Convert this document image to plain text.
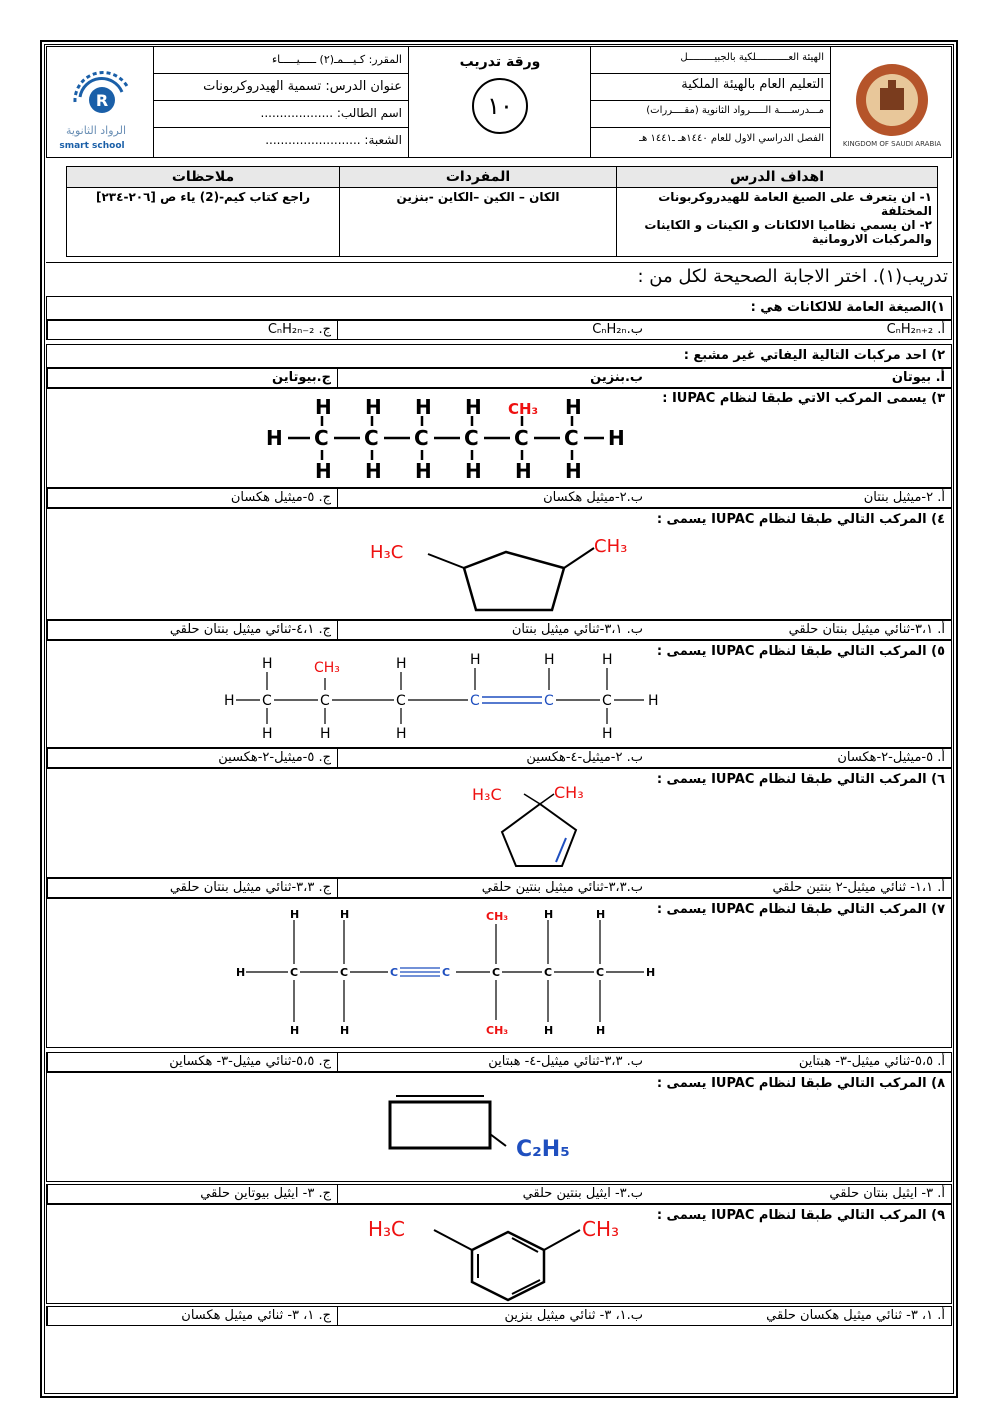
الهيئة العـــــــــــلكية بالجبيـــــــــل
التعليم العام بالهيئة الملكية
مـــدرســــة الـــــرواد الثانوية (مقــــررات)
الفصل الدراسي الاول للعام ١٤٤٠هـ ـ١٤٤١ هـ	KINGDOM OF SAUDI ARABIA
ورقة تدريب
١٠
المقرر: كـيـــمـ(٢) ـــــيـــــاء
عنوان الدرس: تسمية الهيدروكربونات
اسم الطالب: ...................
الشعبة: .........................
R
الرواد الثانوية
smart school
اهداف الدرس	المفردات	ملاحظات

١- ان يتعرف على الصيغ العامة للهيدروكربونات المختلفة
٢- ان يسمي نظاميا الالكانات و الكينات و الكاينات والمركبات الارومانية	الكان – الكين –الكاين -بنزين	راجع كتاب كيم-(2) ياء ص [٢٠٦-٢٣٤]
تدريب(١). اختر الاجابة الصحيحة لكل من :
١)الصيغة العامة للالكانات هي :
أ. CₙH₂ₙ₊₂
ب.CₙH₂ₙ
ج. CₙH₂ₙ₋₂
٢) احد مركبات التالية اليفاتي غير مشبع :
أ. بيوتان
ب.بنزين
ج.بيوتاين
٣) يسمى المركب الاتي طبقا لنظام IUPAC :
H C C C C C C H
H
H
H
H
H
H
H
H H
H
H
CH₃
أ. ٢-ميثيل بنتان
ب.٢-ميثيل هكسان
ج. ٥-ميثيل هكسان
٤) المركب التالي طبقا لنظام IUPAC يسمى :
H₃C	CH₃
أ. ٣،١-ثنائي ميثيل بنتان حلقي
ب. ٣،١-ثنائي ميثيل بنتان
ج. ٤،١-ثنائي ميثيل بنتان حلقي
٥) المركب التالي طبقا لنظام IUPAC يسمى :
H C	C	C	C	H
H
H	H
H
H
H	H	H
H
C	C
CH₃
أ. ٥-ميثيل-٢-هكسان
ب. ٢-ميثيل-٤-هكسين
ج. ٥-ميثيل-٢-هكسين
٦) المركب التالي طبقا لنظام IUPAC يسمى :
H₃C	CH₃
أ. ١،١- ثنائي ميثيل-٢ بنتين حلقي
ب.٣،٣-ثنائي ميثيل بنتين حلقي
ج. ٣،٣-ثنائي ميثيل بنتان حلقي
٧) المركب التالي طبقا لنظام IUPAC يسمى :
H	C	C	C	C	C	H
H
H
H
H
H
H
H
H
C	C
CH₃
CH₃
أ. ٥،٥-ثنائي ميثيل-٣- هبتاين
ب. ٣،٣-ثنائي ميثيل-٤- هبتاين
ج. ٥،٥-ثنائي ميثيل-٣- هكساين
٨) المركب التالي طبقا لنظام IUPAC يسمى :
C₂H₅
أ. ٣- ايثيل بنتان حلقي
ب.٣- ايثيل بنتين حلقي
ج. ٣- ايثيل بيوتاين حلقي
٩) المركب التالي طبقا لنظام IUPAC يسمى :
H₃C	CH₃
أ. ١، ٣- ثنائي ميثيل هكسان حلقي
ب.١، ٣- ثنائي ميثيل بنزين
ج. ١، ٣- ثنائي ميثيل هكسان
